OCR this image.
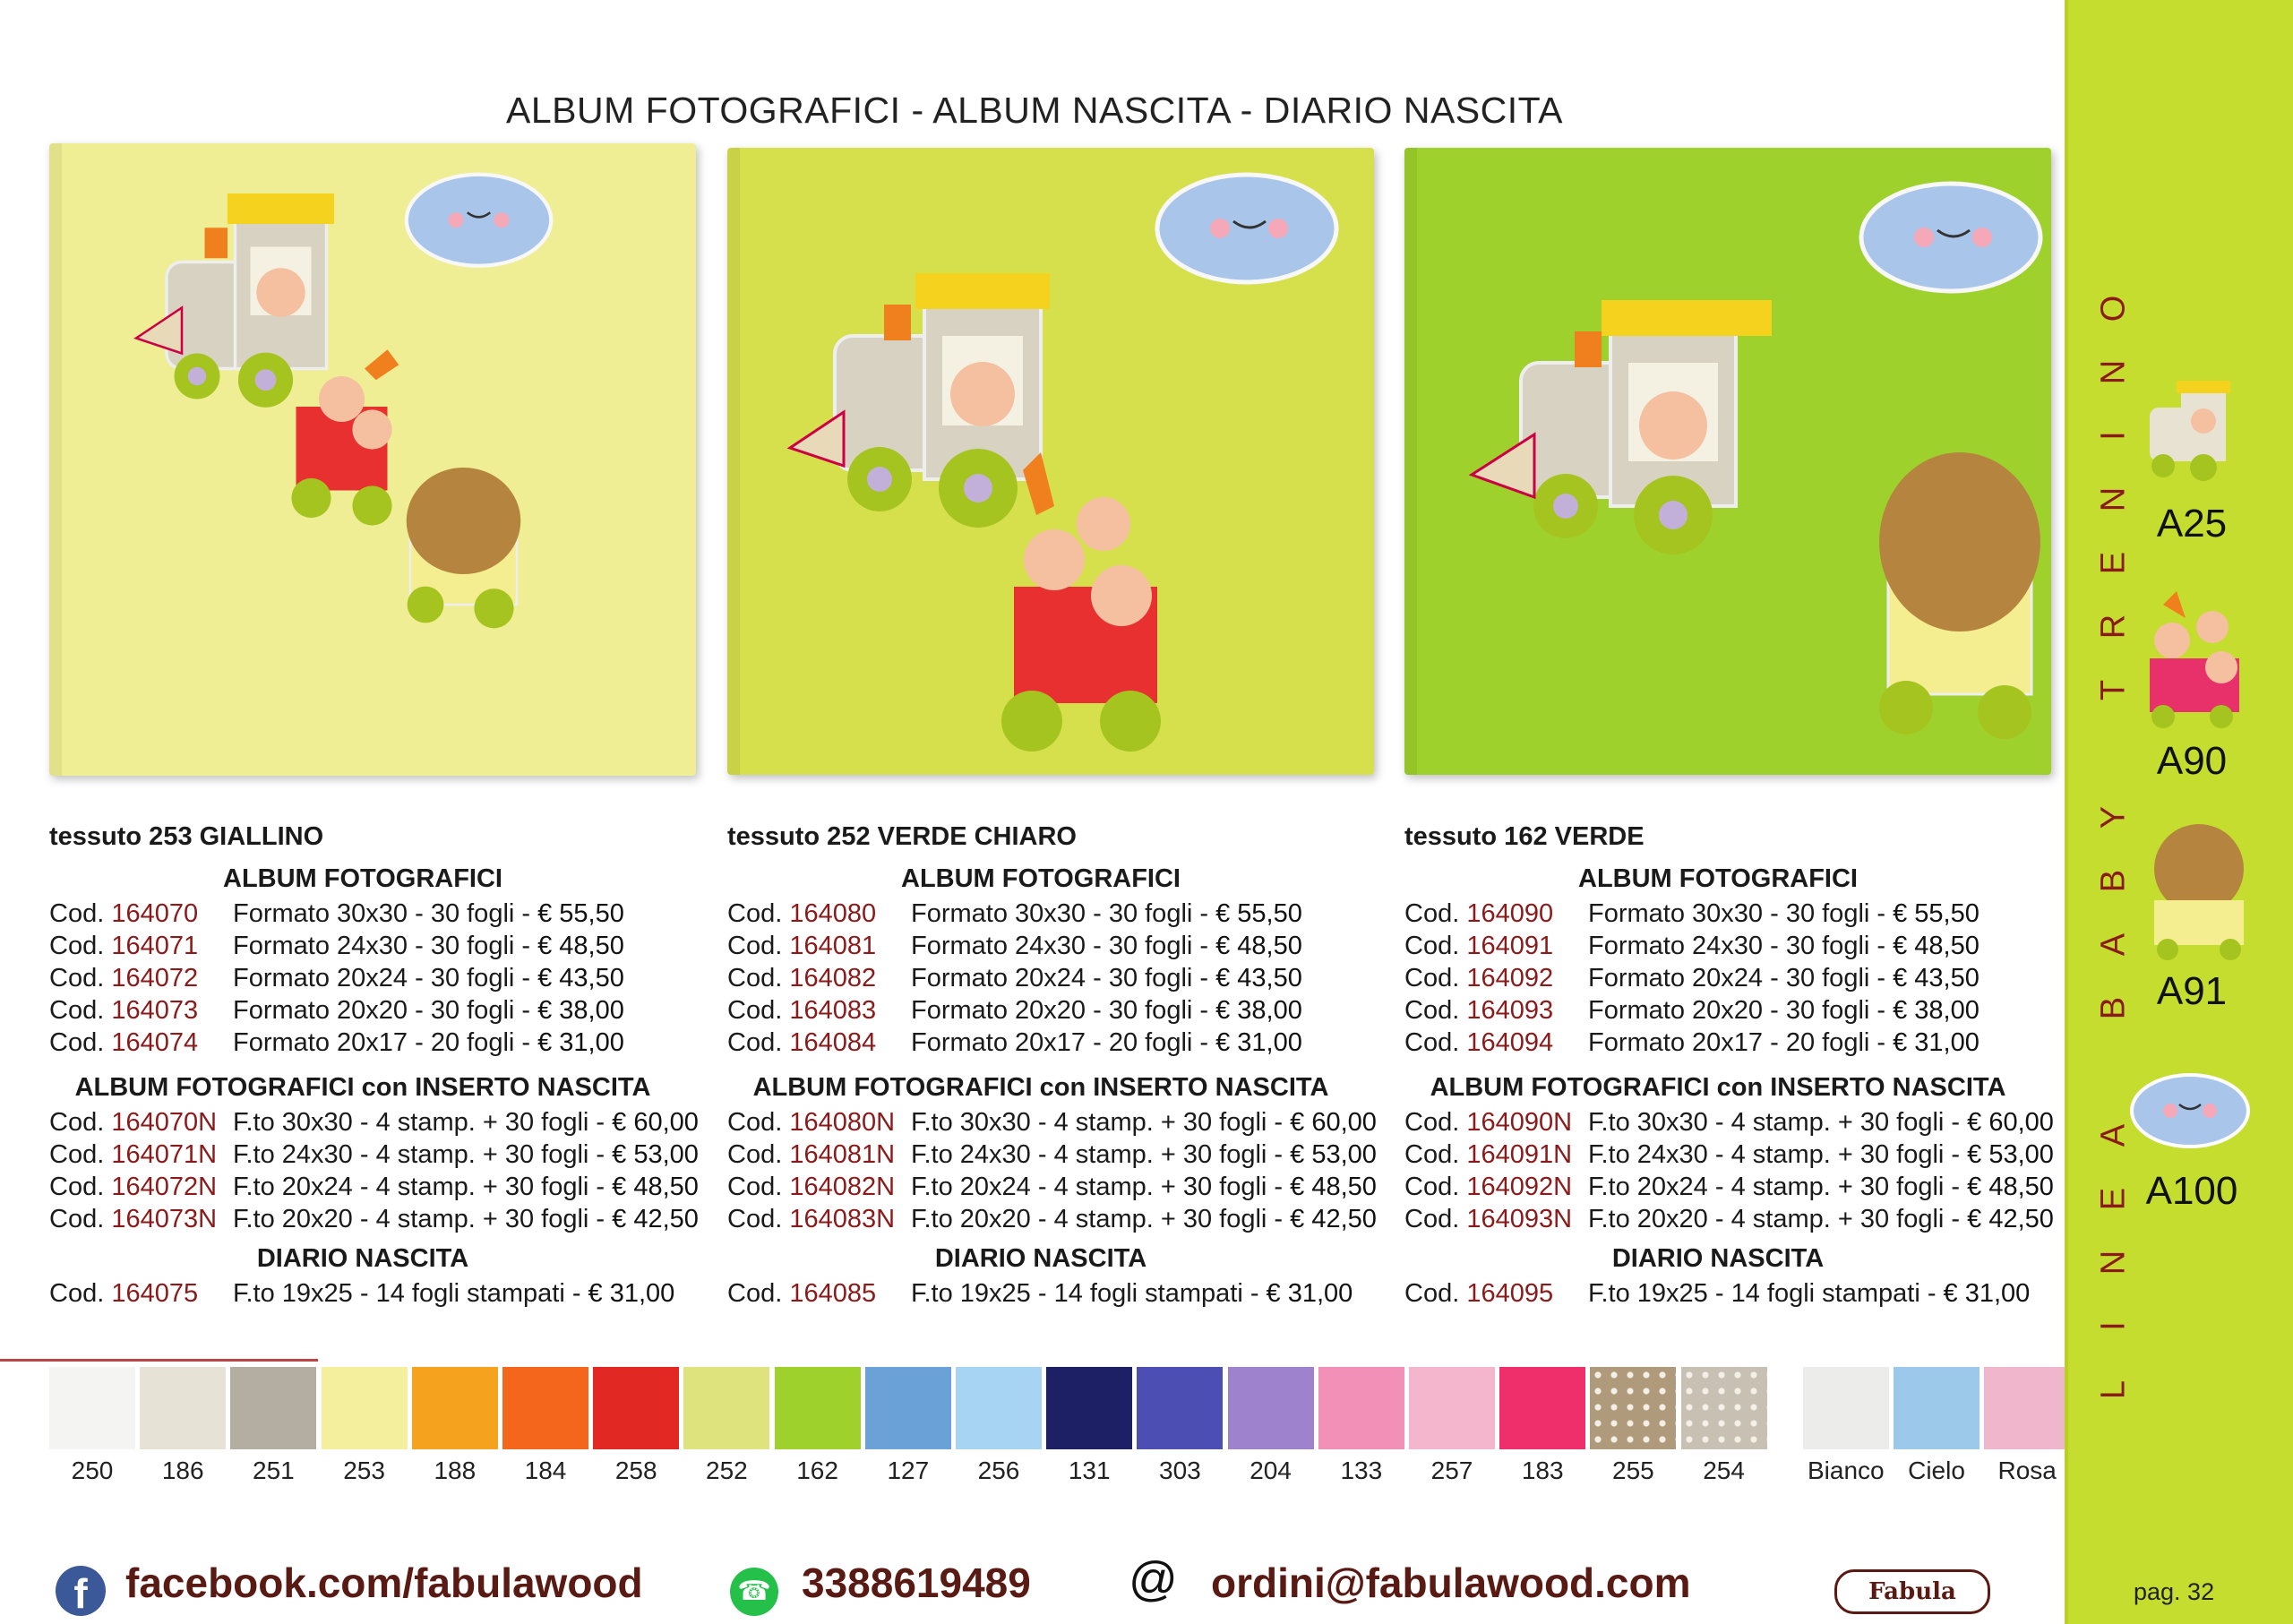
ALBUM FOTOGRAFICI - ALBUM NASCITA - DIARIO NASCITA
tessuto 253 GIALLINO
ALBUM FOTOGRAFICI
Cod. 164070	Formato 30x30 - 30 fogli - € 55,50
Cod. 164071	Formato 24x30 - 30 fogli - € 48,50
Cod. 164072	Formato 20x24 - 30 fogli - € 43,50
Cod. 164073	Formato 20x20 - 30 fogli - € 38,00
Cod. 164074	Formato 20x17 - 20 fogli - € 31,00
ALBUM FOTOGRAFICI con INSERTO NASCITA
Cod. 164070N F.to 30x30 - 4 stamp. + 30 fogli - € 60,00
Cod. 164071N F.to 24x30 - 4 stamp. + 30 fogli - € 53,00
Cod. 164072N F.to 20x24 - 4 stamp. + 30 fogli - € 48,50
Cod. 164073N F.to 20x20 - 4 stamp. + 30 fogli - € 42,50
DIARIO NASCITA
Cod. 164075	F.to 19x25 - 14 fogli stampati - € 31,00
tessuto 252 VERDE CHIARO
ALBUM FOTOGRAFICI
Cod. 164080	Formato 30x30 - 30 fogli - € 55,50
Cod. 164081	Formato 24x30 - 30 fogli - € 48,50
Cod. 164082	Formato 20x24 - 30 fogli - € 43,50
Cod. 164083	Formato 20x20 - 30 fogli - € 38,00
Cod. 164084	Formato 20x17 - 20 fogli - € 31,00
ALBUM FOTOGRAFICI con INSERTO NASCITA
Cod. 164080N F.to 30x30 - 4 stamp. + 30 fogli - € 60,00
Cod. 164081N F.to 24x30 - 4 stamp. + 30 fogli - € 53,00
Cod. 164082N F.to 20x24 - 4 stamp. + 30 fogli - € 48,50
Cod. 164083N F.to 20x20 - 4 stamp. + 30 fogli - € 42,50
DIARIO NASCITA
Cod. 164085	F.to 19x25 - 14 fogli stampati - € 31,00
tessuto 162 VERDE
ALBUM FOTOGRAFICI
Cod. 164090	Formato 30x30 - 30 fogli - € 55,50
Cod. 164091	Formato 24x30 - 30 fogli - € 48,50
Cod. 164092	Formato 20x24 - 30 fogli - € 43,50
Cod. 164093	Formato 20x20 - 30 fogli - € 38,00
Cod. 164094	Formato 20x17 - 20 fogli - € 31,00
ALBUM FOTOGRAFICI con INSERTO NASCITA
Cod. 164090N F.to 30x30 - 4 stamp. + 30 fogli - € 60,00
Cod. 164091N F.to 24x30 - 4 stamp. + 30 fogli - € 53,00
Cod. 164092N F.to 20x24 - 4 stamp. + 30 fogli - € 48,50
Cod. 164093N F.to 20x20 - 4 stamp. + 30 fogli - € 42,50
DIARIO NASCITA
Cod. 164095	F.to 19x25 - 14 fogli stampati - € 31,00
250	186	251	253	188	184	258	252	162	127	256	131	303	204	133	257	183	255	254	Bianco Cielo	Rosa
L
I
N
E
A
B
A
B
Y
T
R
E
N
I
N
O
A25
A90
A91
A100
pag. 32
f facebook.com/fabulawood	☎ 3388619489 @ ordini@fabulawood.com	Fabula
